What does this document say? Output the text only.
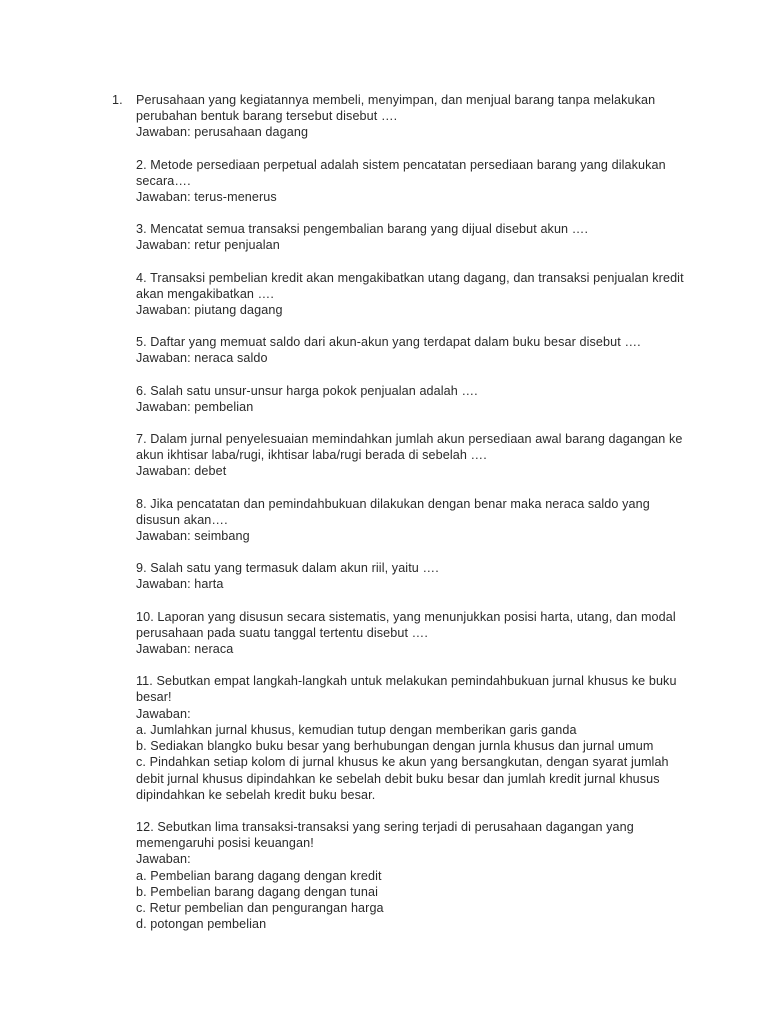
1. Perusahaan yang kegiatannya membeli, menyimpan, dan menjual barang tanpa melakukan
perubahan bentuk barang tersebut disebut ….
Jawaban: perusahaan dagang
2. Metode persediaan perpetual adalah sistem pencatatan persediaan barang yang dilakukan
secara….
Jawaban: terus-menerus
3. Mencatat semua transaksi pengembalian barang yang dijual disebut akun ….
Jawaban: retur penjualan
4. Transaksi pembelian kredit akan mengakibatkan utang dagang, dan transaksi penjualan kredit
akan mengakibatkan ….
Jawaban: piutang dagang
5. Daftar yang memuat saldo dari akun-akun yang terdapat dalam buku besar disebut ….
Jawaban: neraca saldo
6. Salah satu unsur-unsur harga pokok penjualan adalah ….
Jawaban: pembelian
7. Dalam jurnal penyelesuaian memindahkan jumlah akun persediaan awal barang dagangan ke
akun ikhtisar laba/rugi, ikhtisar laba/rugi berada di sebelah ….
Jawaban: debet
8. Jika pencatatan dan pemindahbukuan dilakukan dengan benar maka neraca saldo yang
disusun akan….
Jawaban: seimbang
9. Salah satu yang termasuk dalam akun riil, yaitu ….
Jawaban: harta
10. Laporan yang disusun secara sistematis, yang menunjukkan posisi harta, utang, dan modal
perusahaan pada suatu tanggal tertentu disebut ….
Jawaban: neraca
11. Sebutkan empat langkah-langkah untuk melakukan pemindahbukuan jurnal khusus ke buku
besar!
Jawaban:
a. Jumlahkan jurnal khusus, kemudian tutup dengan memberikan garis ganda
b. Sediakan blangko buku besar yang berhubungan dengan jurnla khusus dan jurnal umum
c. Pindahkan setiap kolom di jurnal khusus ke akun yang bersangkutan, dengan syarat jumlah
debit jurnal khusus dipindahkan ke sebelah debit buku besar dan jumlah kredit jurnal khusus
dipindahkan ke sebelah kredit buku besar.
12. Sebutkan lima transaksi-transaksi yang sering terjadi di perusahaan dagangan yang
memengaruhi posisi keuangan!
Jawaban:
a. Pembelian barang dagang dengan kredit
b. Pembelian barang dagang dengan tunai
c. Retur pembelian dan pengurangan harga
d. potongan pembelian
